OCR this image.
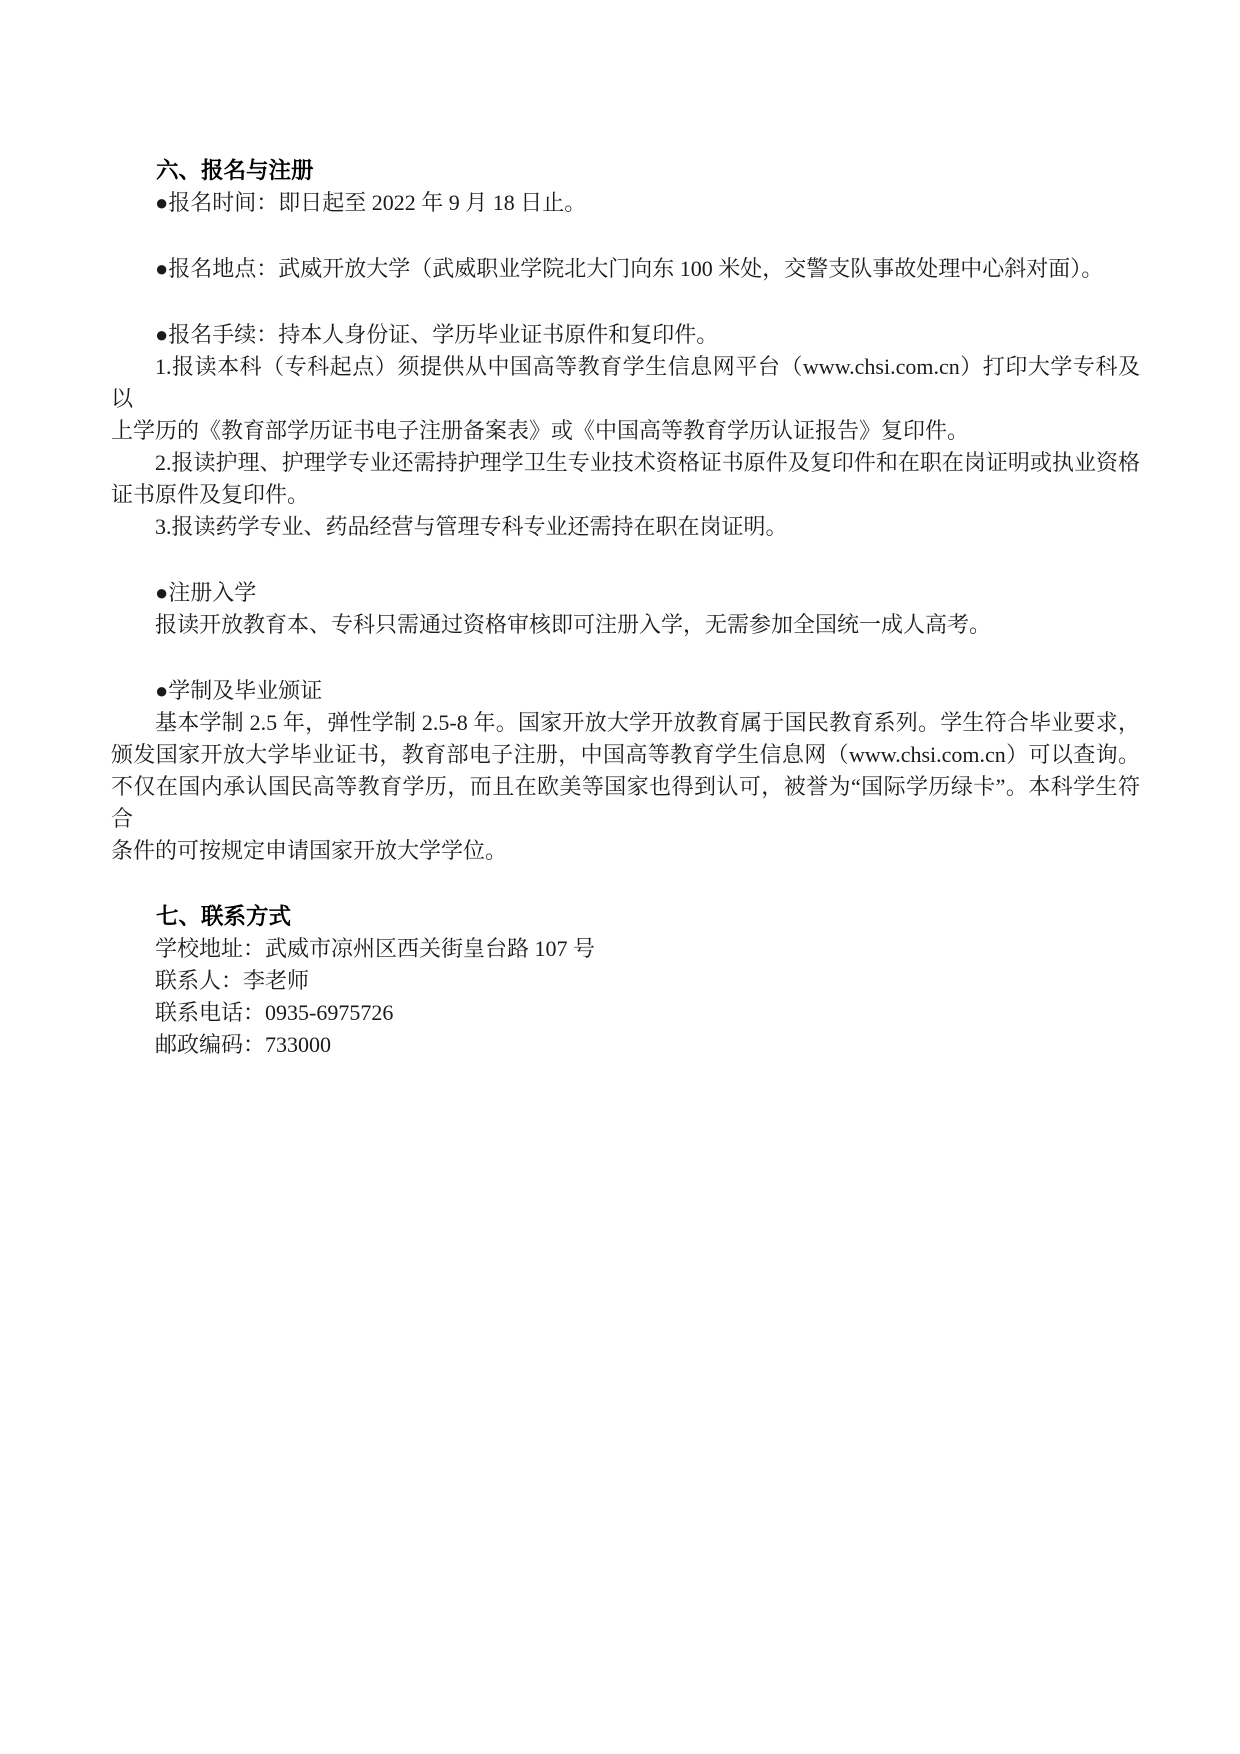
六、报名与注册

●报名时间：即日起至 2022 年 9 月 18 日止。

●报名地点：武威开放大学（武威职业学院北大门向东 100 米处，交警支队事故处理中心斜对面）。

●报名手续：持本人身份证、学历毕业证书原件和复印件。

1.报读本科（专科起点）须提供从中国高等教育学生信息网平台（www.chsi.com.cn）打印大学专科及以

上学历的《教育部学历证书电子注册备案表》或《中国高等教育学历认证报告》复印件。

2.报读护理、护理学专业还需持护理学卫生专业技术资格证书原件及复印件和在职在岗证明或执业资格

证书原件及复印件。

3.报读药学专业、药品经营与管理专科专业还需持在职在岗证明。

●注册入学

报读开放教育本、专科只需通过资格审核即可注册入学，无需参加全国统一成人高考。

●学制及毕业颁证

基本学制 2.5 年，弹性学制 2.5-8 年。国家开放大学开放教育属于国民教育系列。学生符合毕业要求，

颁发国家开放大学毕业证书，教育部电子注册，中国高等教育学生信息网（www.chsi.com.cn）可以查询。

不仅在国内承认国民高等教育学历，而且在欧美等国家也得到认可，被誉为“国际学历绿卡”。本科学生符合

条件的可按规定申请国家开放大学学位。

七、联系方式

学校地址：武威市凉州区西关街皇台路 107 号

联系人：李老师

联系电话：0935-6975726

邮政编码：733000
